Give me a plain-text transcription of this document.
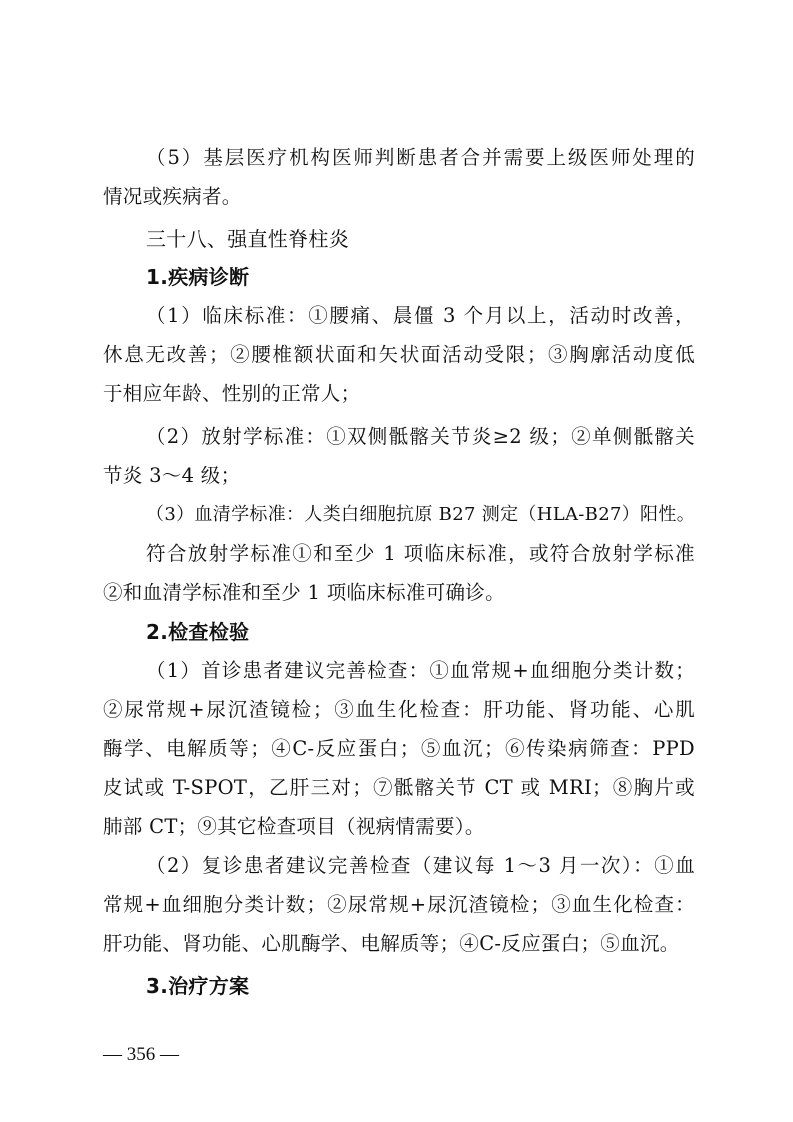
（5）基层医疗机构医师判断患者合并需要上级医师处理的
情况或疾病者。
三十八、强直性脊柱炎
1.疾病诊断
（1）临床标准：①腰痛、晨僵 3 个月以上，活动时改善，
休息无改善；②腰椎额状面和矢状面活动受限；③胸廓活动度低
于相应年龄、性别的正常人；
（2）放射学标准：①双侧骶髂关节炎≥2 级；②单侧骶髂关
节炎 3～4 级；
（3）血清学标准：人类白细胞抗原 B27 测定（HLA-B27）阳性。
符合放射学标准①和至少 1 项临床标准，或符合放射学标准
②和血清学标准和至少 1 项临床标准可确诊。
2.检查检验
（1）首诊患者建议完善检查：①血常规+血细胞分类计数；
②尿常规+尿沉渣镜检；③血生化检查：肝功能、肾功能、心肌
酶学、电解质等；④C-反应蛋白；⑤血沉；⑥传染病筛查：PPD
皮试或 T-SPOT，乙肝三对；⑦骶髂关节 CT 或 MRI；⑧胸片或
肺部 CT；⑨其它检查项目（视病情需要）。
（2）复诊患者建议完善检查（建议每 1～3 月一次）：①血
常规+血细胞分类计数；②尿常规+尿沉渣镜检；③血生化检查：
肝功能、肾功能、心肌酶学、电解质等；④C-反应蛋白；⑤血沉。
3.治疗方案
— 356 —
